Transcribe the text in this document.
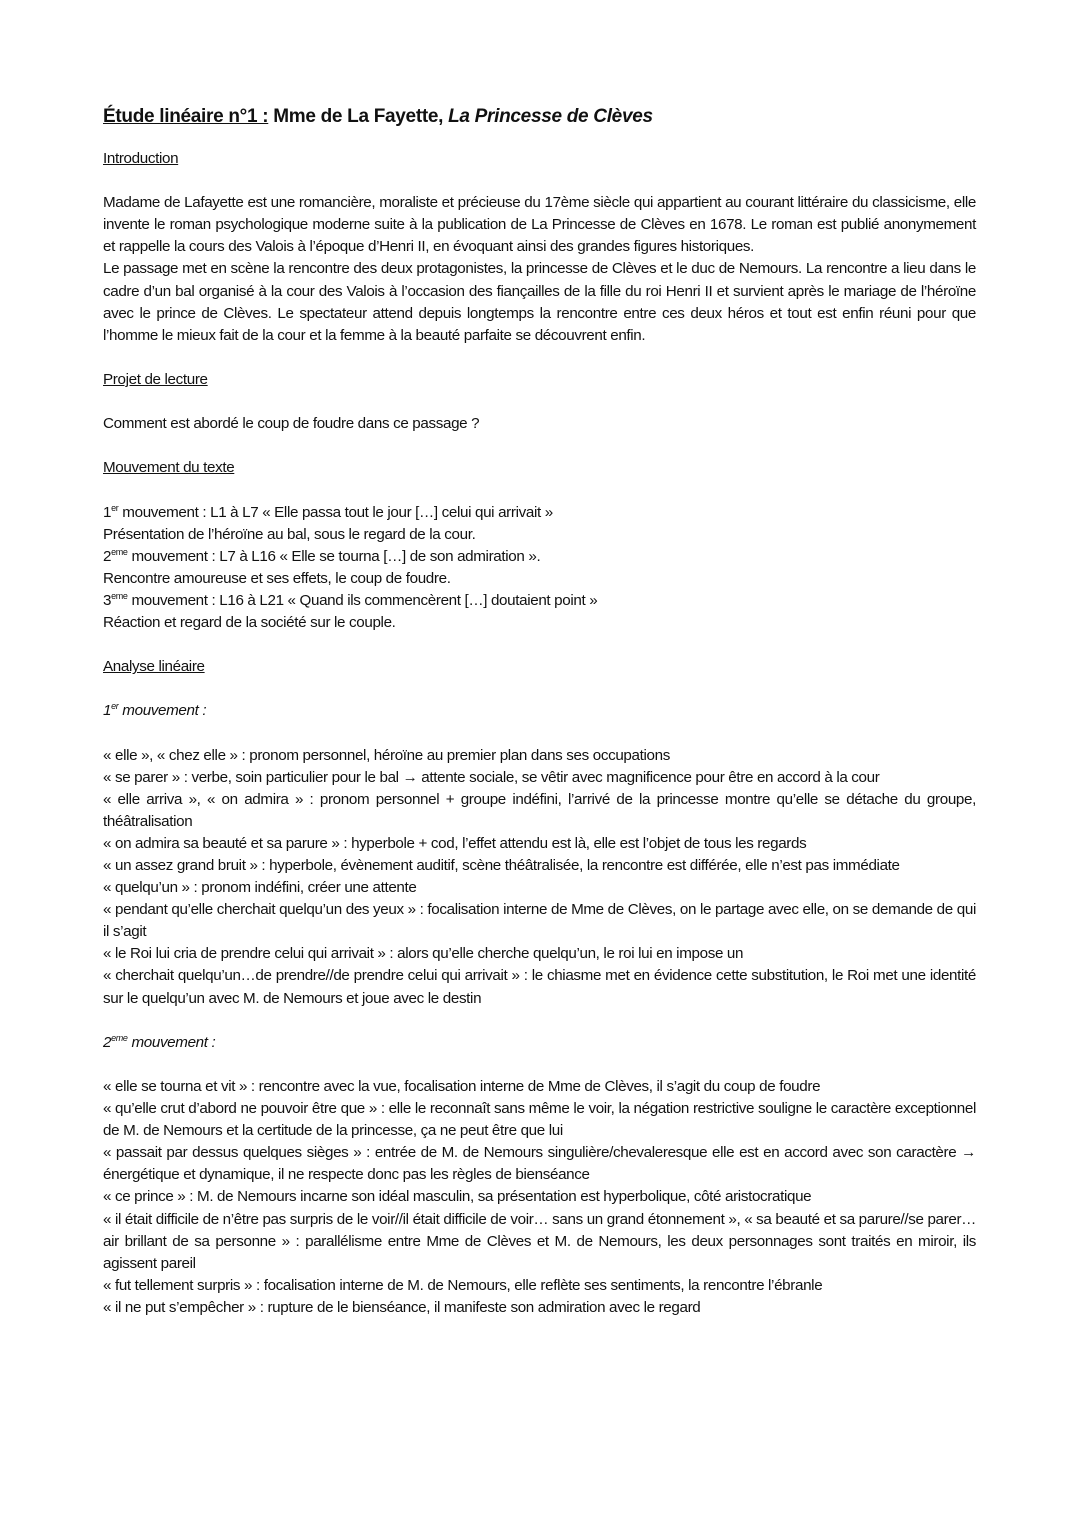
Étude linéaire n°1 : Mme de La Fayette, La Princesse de Clèves

Introduction

Madame de Lafayette est une romancière, moraliste et précieuse du 17ème siècle qui appartient au courant littéraire du classicisme, elle invente le roman psychologique moderne suite à la publication de La Princesse de Clèves en 1678. Le roman est publié anonymement et rappelle la cours des Valois à l’époque d’Henri II, en évoquant ainsi des grandes figures historiques.

Le passage met en scène la rencontre des deux protagonistes, la princesse de Clèves et le duc de Nemours. La rencontre a lieu dans le cadre d’un bal organisé à la cour des Valois à l’occasion des fiançailles de la fille du roi Henri II et survient après le mariage de l’héroïne avec le prince de Clèves. Le spectateur attend depuis longtemps la rencontre entre ces deux héros et tout est enfin réuni pour que l’homme le mieux fait de la cour et la femme à la beauté parfaite se découvrent enfin.

Projet de lecture

Comment est abordé le coup de foudre dans ce passage ?

Mouvement du texte

1er mouvement : L1 à L7 « Elle passa tout le jour […] celui qui arrivait »

Présentation de l’héroïne au bal, sous le regard de la cour.

2eme mouvement : L7 à L16 « Elle se tourna […] de son admiration ».

Rencontre amoureuse et ses effets, le coup de foudre.

3eme mouvement : L16 à L21 « Quand ils commencèrent […] doutaient point »

Réaction et regard de la société sur le couple.

Analyse linéaire

1er mouvement :

« elle », « chez elle » : pronom personnel, héroïne au premier plan dans ses occupations

« se parer » : verbe, soin particulier pour le bal → attente sociale, se vêtir avec magnificence pour être en accord à la cour

« elle arriva », « on admira » : pronom personnel + groupe indéfini, l’arrivé de la princesse montre qu’elle se détache du groupe, théâtralisation

« on admira sa beauté et sa parure » : hyperbole + cod, l’effet attendu est là, elle est l’objet de tous les regards

« un assez grand bruit » : hyperbole, évènement auditif, scène théâtralisée, la rencontre est différée, elle n’est pas immédiate

« quelqu’un » : pronom indéfini, créer une attente

« pendant qu’elle cherchait quelqu’un des yeux » : focalisation interne de Mme de Clèves, on le partage avec elle, on se demande de qui il s’agit

« le Roi lui cria de prendre celui qui arrivait » : alors qu’elle cherche quelqu’un, le roi lui en impose un

« cherchait quelqu’un…de prendre//de prendre celui qui arrivait » : le chiasme met en évidence cette substitution, le Roi met une identité sur le quelqu’un avec M. de Nemours et joue avec le destin

2eme mouvement :

« elle se tourna et vit » : rencontre avec la vue, focalisation interne de Mme de Clèves, il s’agit du coup de foudre

« qu’elle crut d’abord ne pouvoir être que » : elle le reconnaît sans même le voir, la négation restrictive souligne le caractère exceptionnel de M. de Nemours et la certitude de la princesse, ça ne peut être que lui

« passait par dessus quelques sièges » : entrée de M. de Nemours singulière/chevaleresque elle est en accord avec son caractère → énergétique et dynamique, il ne respecte donc pas les règles de bienséance

« ce prince » : M. de Nemours incarne son idéal masculin, sa présentation est hyperbolique, côté aristocratique

« il était difficile de n’être pas surpris de le voir//il était difficile de voir… sans un grand étonnement », « sa beauté et sa parure//se parer…air brillant de sa personne » : parallélisme entre Mme de Clèves et M. de Nemours, les deux personnages sont traités en miroir, ils agissent pareil

« fut tellement surpris » : focalisation interne de M. de Nemours, elle reflète ses sentiments, la rencontre l’ébranle

« il ne put s’empêcher » : rupture de le bienséance, il manifeste son admiration avec le regard
